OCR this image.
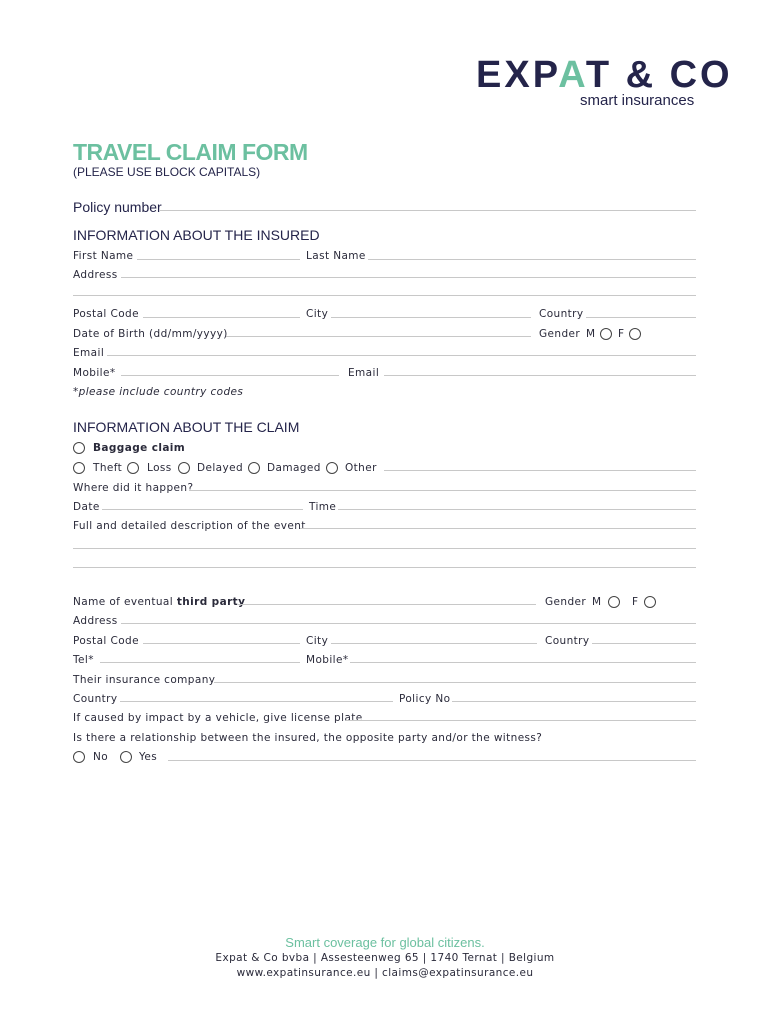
EXPAT & CO
smart insurances
TRAVEL CLAIM FORM
(PLEASE USE BLOCK CAPITALS)
Policy number
INFORMATION ABOUT THE INSURED
First Name	Last Name
Address
Postal Code	City	Country
Date of Birth (dd/mm/yyyy)	Gender M F
Email
Mobile*	Email
*please include country codes
INFORMATION ABOUT THE CLAIM
Baggage claim
Theft Loss Delayed Damaged Other
Where did it happen?
Date	Time
Full and detailed description of the event
Name of eventual third party	Gender M	F
Address
Postal Code	City	Country
Tel*	Mobile*
Their insurance company
Country	Policy No
If caused by impact by a vehicle, give license plate
Is there a relationship between the insured, the opposite party and/or the witness?
No	Yes
Smart coverage for global citizens.
Expat & Co bvba | Assesteenweg 65 | 1740 Ternat | Belgium
www.expatinsurance.eu | claims@expatinsurance.eu
